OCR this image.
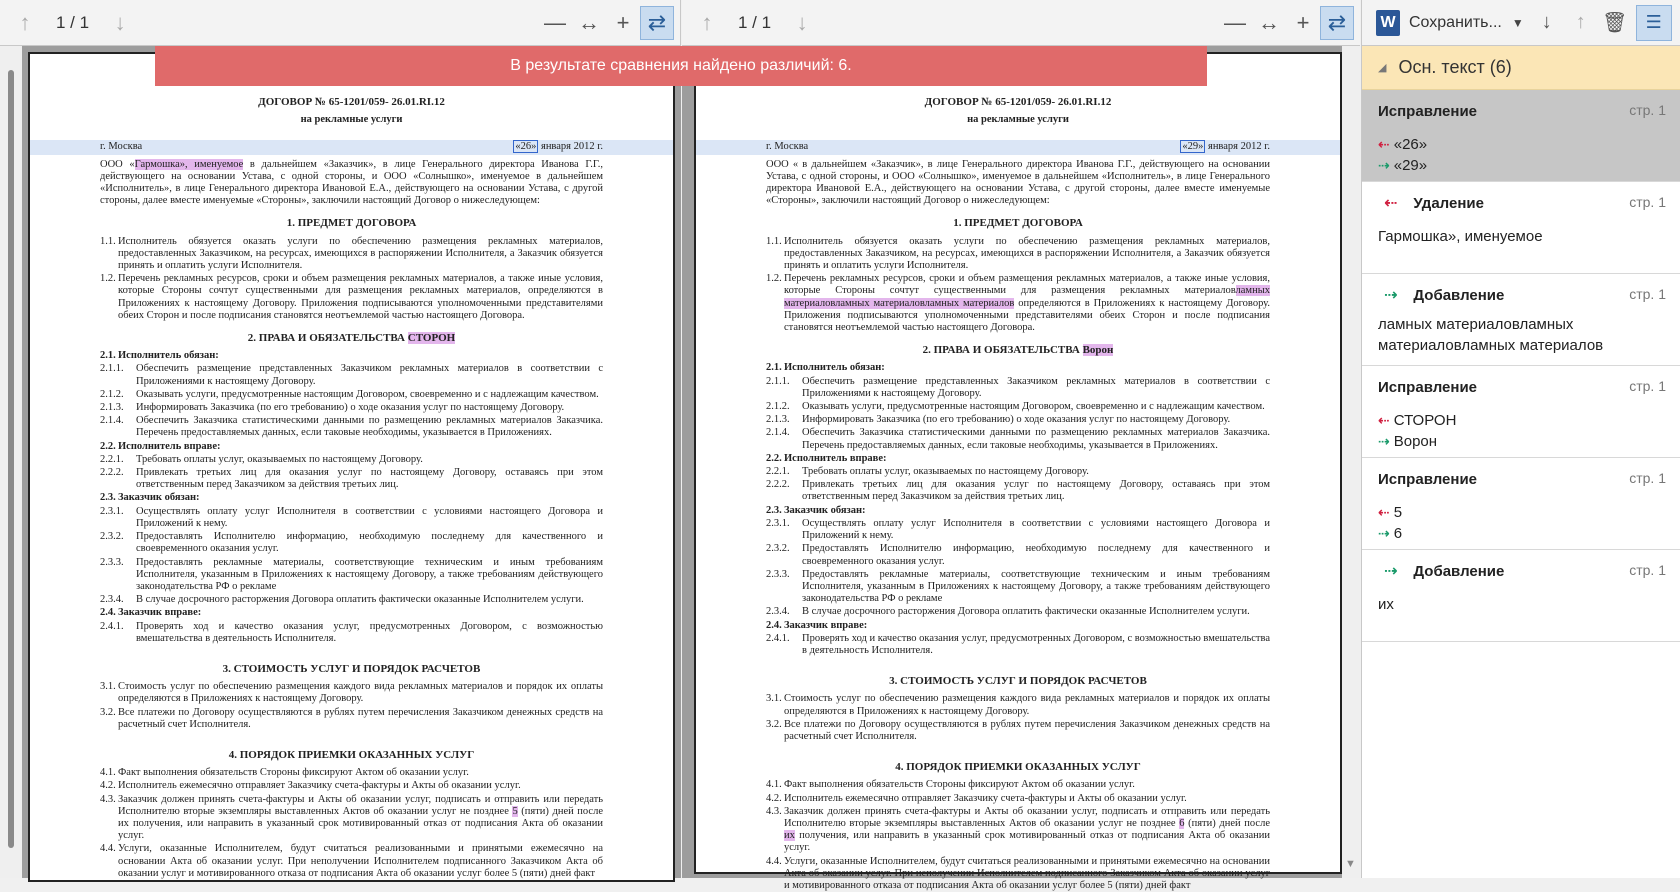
↑	1 / 1	↓	— ↔ + ⇄	↑	1 / 1	↓	— ↔ + ⇄
ДОГОВОР № 65-1201/059- 26.01.RI.12
на рекламные услуги
г. Москва	«26» января 2012 г.

ООО «Гармошка», именуемое в дальнейшем «Заказчик», в лице Генерального директора Иванова Г.Г., действующего на основании Устава, с одной стороны, и ООО «Солнышко», именуемое в дальнейшем «Исполнитель», в лице Генерального директора Ивановой Е.А., действующего на основании Устава, с другой стороны, далее вместе именуемые «Стороны», заключили настоящий Договор о нижеследующем:

1. ПРЕДМЕТ ДОГОВОРА
1.1. Исполнитель обязуется оказать услуги по обеспечению размещения рекламных материалов, предоставленных Заказчиком, на ресурсах, имеющихся в распоряжении Исполнителя, а Заказчик обязуется принять и оплатить услуги Исполнителя.
1.2. Перечень рекламных ресурсов, сроки и объем размещения рекламных материалов, а также иные условия, которые Стороны сочтут существенными для размещения рекламных материалов, определяются в Приложениях к настоящему Договору. Приложения подписываются уполномоченными представителями обеих Сторон и после подписания становятся неотъемлемой частью настоящего Договора.
2. ПРАВА И ОБЯЗАТЕЛЬСТВА СТОРОН
2.1. Исполнитель обязан:
2.1.1.	Обеспечить размещение представленных Заказчиком рекламных материалов в соответствии с Приложениями к настоящему Договору.
2.1.2.	Оказывать услуги, предусмотренные настоящим Договором, своевременно и с надлежащим качеством.
2.1.3.	Информировать Заказчика (по его требованию) о ходе оказания услуг по настоящему Договору.
2.1.4.	Обеспечить Заказчика статистическими данными по размещению рекламных материалов Заказчика. Перечень предоставляемых данных, если таковые необходимы, указывается в Приложениях.
2.2. Исполнитель вправе:
2.2.1.	Требовать оплаты услуг, оказываемых по настоящему Договору.
2.2.2.	Привлекать третьих лиц для оказания услуг по настоящему Договору, оставаясь при этом ответственным перед Заказчиком за действия третьих лиц.
2.3. Заказчик обязан:
2.3.1.	Осуществлять оплату услуг Исполнителя в соответствии с условиями настоящего Договора и Приложений к нему.
2.3.2.	Предоставлять Исполнителю информацию, необходимую последнему для качественного и своевременного оказания услуг.
2.3.3.	Предоставлять рекламные материалы, соответствующие техническим и иным требованиям Исполнителя, указанным в Приложениях к настоящему Договору, а также требованиям действующего законодательства РФ о рекламе
2.3.4.	В случае досрочного расторжения Договора оплатить фактически оказанные Исполнителем услуги.
2.4. Заказчик вправе:
2.4.1.	Проверять ход и качество оказания услуг, предусмотренных Договором, с возможностью вмешательства в деятельность Исполнителя.
3. СТОИМОСТЬ УСЛУГ И ПОРЯДОК РАСЧЕТОВ
3.1. Стоимость услуг по обеспечению размещения каждого вида рекламных материалов и порядок их оплаты определяются в Приложениях к настоящему Договору.
3.2. Все платежи по Договору осуществляются в рублях путем перечисления Заказчиком денежных средств на расчетный счет Исполнителя.
4. ПОРЯДОК ПРИЕМКИ ОКАЗАННЫХ УСЛУГ
4.1. Факт выполнения обязательств Стороны фиксируют Актом об оказании услуг.
4.2. Исполнитель ежемесячно отправляет Заказчику счета-фактуры и Акты об оказании услуг.
4.3. Заказчик должен принять счета-фактуры и Акты об оказании услуг, подписать и отправить или передать Исполнителю вторые экземпляры выставленных Актов об оказании услуг не позднее 5 (пяти) дней после их получения, или направить в указанный срок мотивированный отказ от подписания Акта об оказании услуг.
4.4. Услуги, оказанные Исполнителем, будут считаться реализованными и принятыми ежемесячно на основании Акта об оказании услуг. При неполучении Исполнителем подписанного Заказчиком Акта об оказании услуг и мотивированного отказа от подписания Акта об оказании услуг более 5 (пяти) дней факт
ДОГОВОР № 65-1201/059- 26.01.RI.12
на рекламные услуги
г. Москва	«29» января 2012 г.

ООО « в дальнейшем «Заказчик», в лице Генерального директора Иванова Г.Г., действующего на основании Устава, с одной стороны, и ООО «Солнышко», именуемое в дальнейшем «Исполнитель», в лице Генерального директора Ивановой Е.А., действующего на основании Устава, с другой стороны, далее вместе именуемые «Стороны», заключили настоящий Договор о нижеследующем:

1. ПРЕДМЕТ ДОГОВОРА
1.1. Исполнитель обязуется оказать услуги по обеспечению размещения рекламных материалов, предоставленных Заказчиком, на ресурсах, имеющихся в распоряжении Исполнителя, а Заказчик обязуется принять и оплатить услуги Исполнителя.
1.2. Перечень рекламных ресурсов, сроки и объем размещения рекламных материалов, а также иные условия, которые Стороны сочтут существенными для размещения рекламных материаловламных материаловламных материаловламных материалов определяются в Приложениях к настоящему Договору. Приложения подписываются уполномоченными представителями обеих Сторон и после подписания становятся неотъемлемой частью настоящего Договора.
2. ПРАВА И ОБЯЗАТЕЛЬСТВА Ворон
2.1. Исполнитель обязан:
2.1.1.	Обеспечить размещение представленных Заказчиком рекламных материалов в соответствии с Приложениями к настоящему Договору.
2.1.2.	Оказывать услуги, предусмотренные настоящим Договором, своевременно и с надлежащим качеством.
2.1.3.	Информировать Заказчика (по его требованию) о ходе оказания услуг по настоящему Договору.
2.1.4.	Обеспечить Заказчика статистическими данными по размещению рекламных материалов Заказчика. Перечень предоставляемых данных, если таковые необходимы, указывается в Приложениях.
2.2. Исполнитель вправе:
2.2.1.	Требовать оплаты услуг, оказываемых по настоящему Договору.
2.2.2.	Привлекать третьих лиц для оказания услуг по настоящему Договору, оставаясь при этом ответственным перед Заказчиком за действия третьих лиц.
2.3. Заказчик обязан:
2.3.1.	Осуществлять оплату услуг Исполнителя в соответствии с условиями настоящего Договора и Приложений к нему.
2.3.2.	Предоставлять Исполнителю информацию, необходимую последнему для качественного и своевременного оказания услуг.
2.3.3.	Предоставлять рекламные материалы, соответствующие техническим и иным требованиям Исполнителя, указанным в Приложениях к настоящему Договору, а также требованиям действующего законодательства РФ о рекламе
2.3.4.	В случае досрочного расторжения Договора оплатить фактически оказанные Исполнителем услуги.
2.4. Заказчик вправе:
2.4.1.	Проверять ход и качество оказания услуг, предусмотренных Договором, с возможностью вмешательства в деятельность Исполнителя.
3. СТОИМОСТЬ УСЛУГ И ПОРЯДОК РАСЧЕТОВ
3.1. Стоимость услуг по обеспечению размещения каждого вида рекламных материалов и порядок их оплаты определяются в Приложениях к настоящему Договору.
3.2. Все платежи по Договору осуществляются в рублях путем перечисления Заказчиком денежных средств на расчетный счет Исполнителя.
4. ПОРЯДОК ПРИЕМКИ ОКАЗАННЫХ УСЛУГ
4.1. Факт выполнения обязательств Стороны фиксируют Актом об оказании услуг.
4.2. Исполнитель ежемесячно отправляет Заказчику счета-фактуры и Акты об оказании услуг.
4.3. Заказчик должен принять счета-фактуры и Акты об оказании услуг, подписать и отправить или передать Исполнителю вторые экземпляры выставленных Актов об оказании услуг не позднее 6 (пяти) дней после их получения, или направить в указанный срок мотивированный отказ от подписания Акта об оказании услуг.
4.4. Услуги, оказанные Исполнителем, будут считаться реализованными и принятыми ежемесячно на основании Акта об оказании услуг. При неполучении Исполнителем подписанного Заказчиком Акта об оказании услуг и мотивированного отказа от подписания Акта об оказании услуг более 5 (пяти) дней факт
▼
В результате сравнения найдено различий: 6.
W Сохранить... ▼ ↓	↑ 🗑	☰
◢ Осн. текст (6)
Исправление	стр. 1
⇠ «26»
⇢ «29»
⇠ Удаление	стр. 1
Гармошка», именуемое
⇢ Добавление	стр. 1
ламных материаловламных материаловламных материалов
Исправление	стр. 1
⇠ СТОРОН
⇢ Ворон
Исправление	стр. 1
⇠ 5
⇢ 6
⇢ Добавление	стр. 1
их
